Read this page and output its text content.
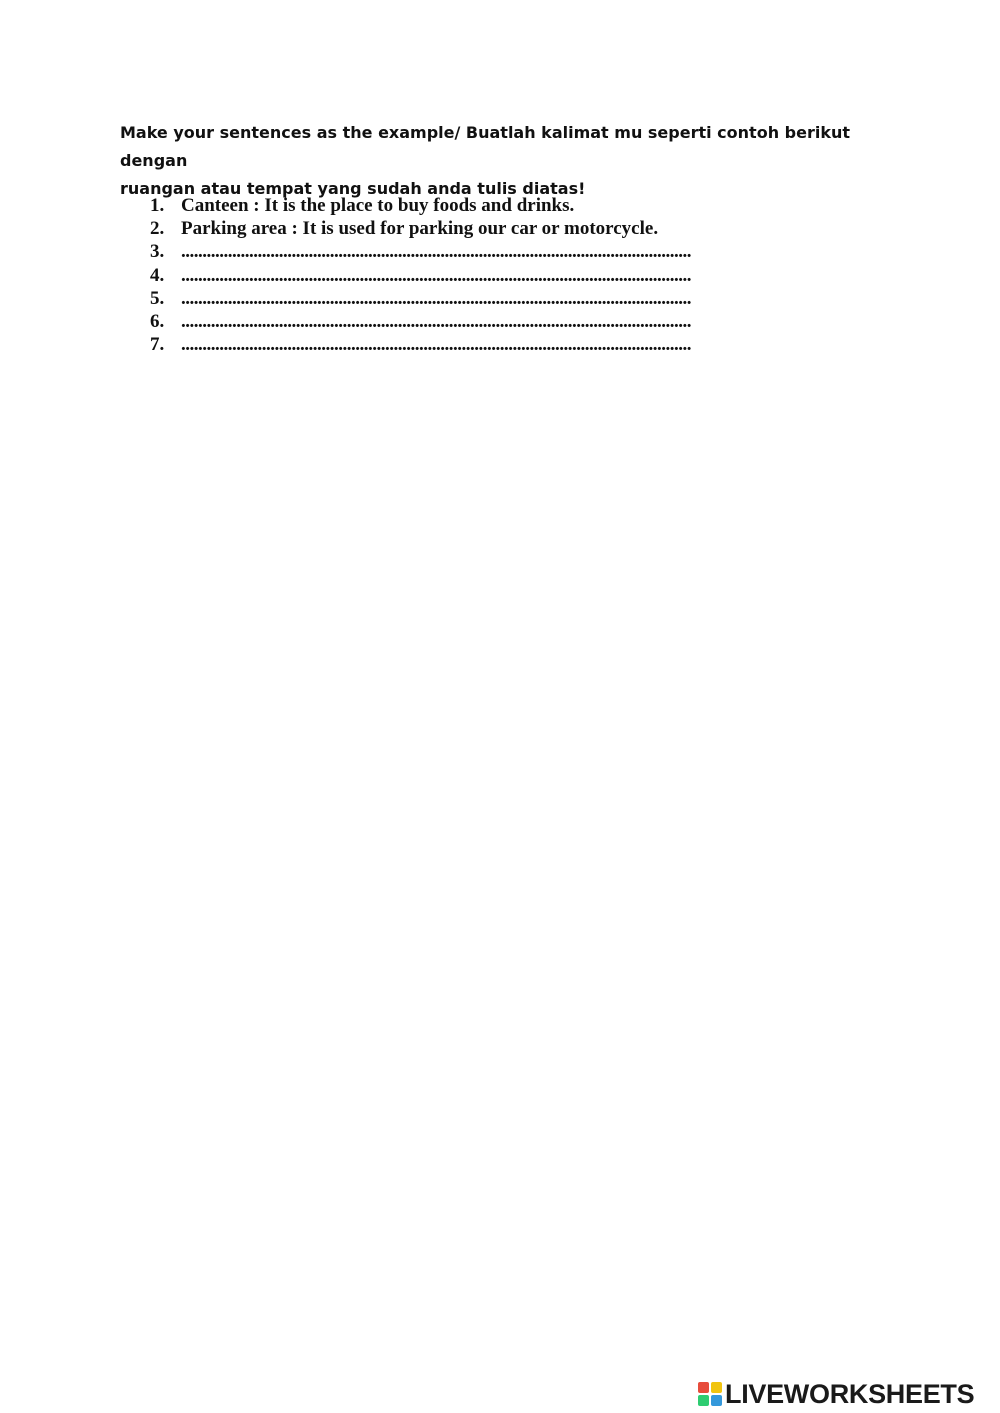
Make your sentences as the example/ Buatlah kalimat mu seperti contoh berikut dengan
ruangan atau tempat yang sudah anda tulis diatas!

1. Canteen : It is the place to buy foods and drinks.
2. Parking area : It is used for parking our car or motorcycle.
3. ........................................................................................................................
4. ........................................................................................................................
5. ........................................................................................................................
6. ........................................................................................................................
7. ........................................................................................................................
LIVEWORKSHEETS
